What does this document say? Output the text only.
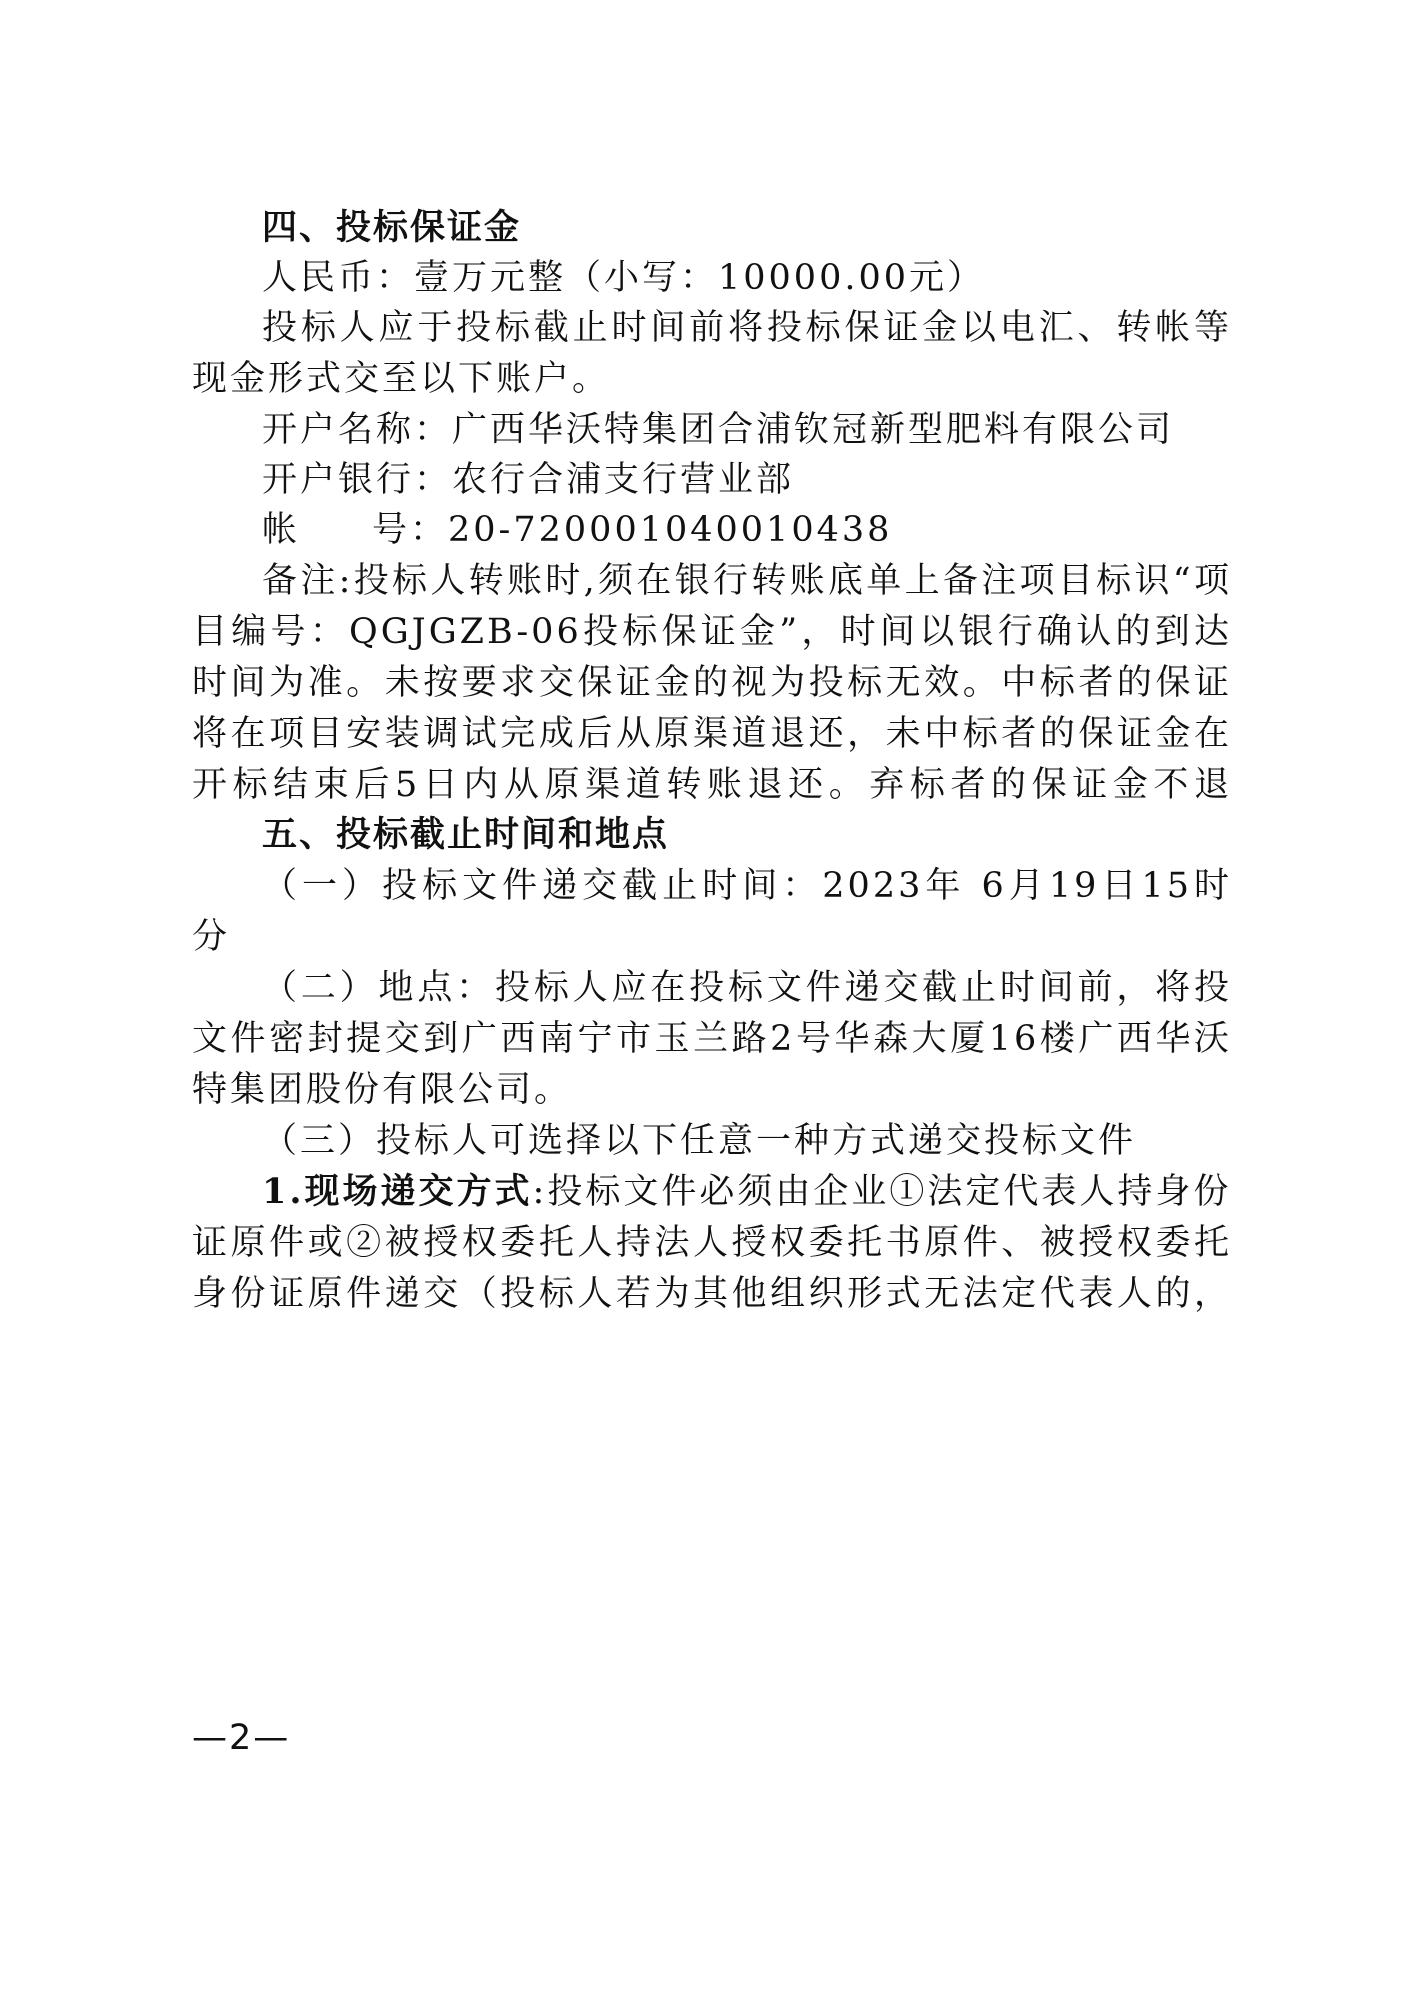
四、投标保证金
人民币：壹万元整（小写：10000.00元）
投标人应于投标截止时间前将投标保证金以电汇、转帐等
现金形式交至以下账户。
开户名称：广西华沃特集团合浦钦冠新型肥料有限公司
开户银行：农行合浦支行营业部
帐 号：20-720001040010438
备注:投标人转账时,须在银行转账底单上备注项目标识“项
目编号：QGJGZB-06投标保证金”，时间以银行确认的到达
时间为准。未按要求交保证金的视为投标无效。中标者的保证
将在项目安装调试完成后从原渠道退还，未中标者的保证金在
开标结束后5日内从原渠道转账退还。弃标者的保证金不退
五、投标截止时间和地点
（一）投标文件递交截止时间：2023年 6月19日15时
分
（二）地点：投标人应在投标文件递交截止时间前，将投
文件密封提交到广西南宁市玉兰路2号华森大厦16楼广西华沃
特集团股份有限公司。
（三）投标人可选择以下任意一种方式递交投标文件
1.现场递交方式:投标文件必须由企业①法定代表人持身份
证原件或②被授权委托人持法人授权委托书原件、被授权委托
身份证原件递交（投标人若为其他组织形式无法定代表人的，
—2—
